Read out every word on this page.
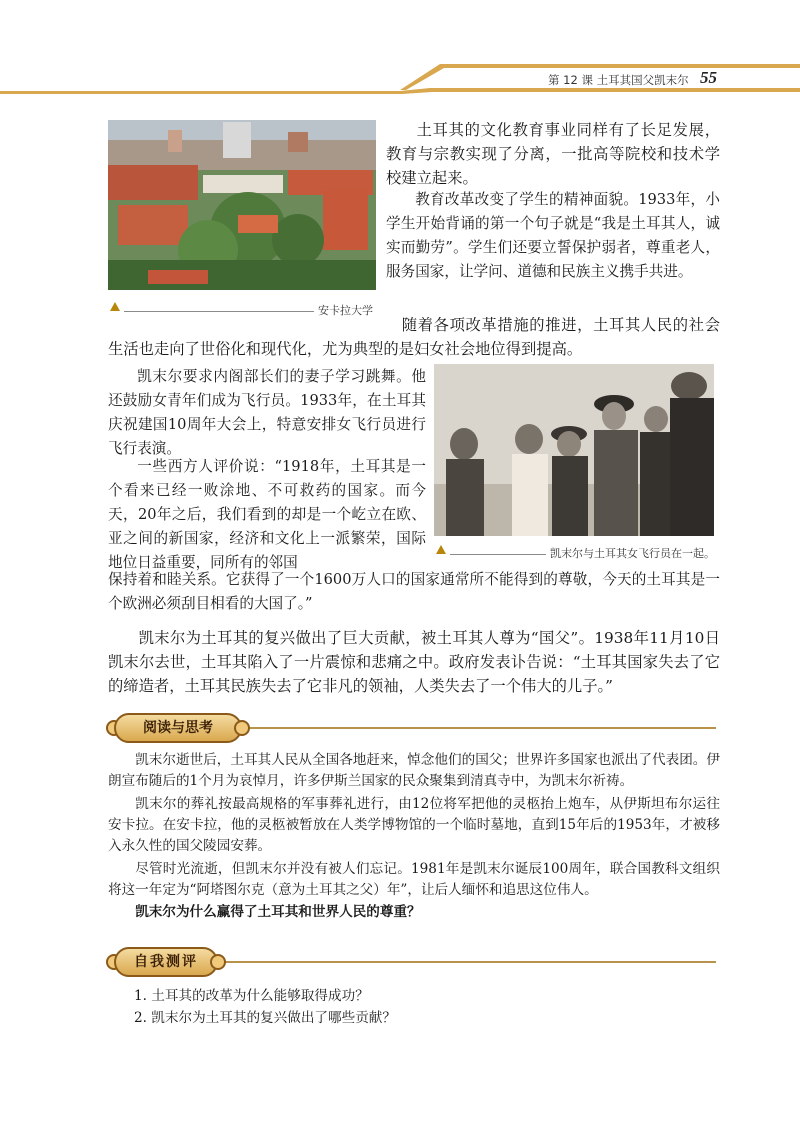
第 12 课 土耳其国父凯末尔 55
安卡拉大学
土耳其的文化教育事业同样有了长足发展，教育与宗教实现了分离，一批高等院校和技术学校建立起来。
教育改革改变了学生的精神面貌。1933年，小学生开始背诵的第一个句子就是“我是土耳其人，诚实而勤劳”。学生们还要立誓保护弱者，尊重老人，服务国家，让学问、道德和民族主义携手共进。
随着各项改革措施的推进，土耳其人民的社会生活也走向了世俗化和现代化，尤为典型的是妇女社会地位得到提高。
凯末尔要求内阁部长们的妻子学习跳舞。他还鼓励女青年们成为飞行员。1933年，在土耳其庆祝建国10周年大会上，特意安排女飞行员进行飞行表演。
一些西方人评价说：“1918年，土耳其是一个看来已经一败涂地、不可救药的国家。而今天，20年之后，我们看到的却是一个屹立在欧、亚之间的新国家，经济和文化上一派繁荣，国际地位日益重要，同所有的邻国
保持着和睦关系。它获得了一个1600万人口的国家通常所不能得到的尊敬，今天的土耳其是一个欧洲必须刮目相看的大国了。”
凯末尔与土耳其女飞行员在一起。
凯末尔为土耳其的复兴做出了巨大贡献，被土耳其人尊为“国父”。1938年11月10日凯末尔去世，土耳其陷入了一片震惊和悲痛之中。政府发表讣告说：“土耳其国家失去了它的缔造者，土耳其民族失去了它非凡的领袖，人类失去了一个伟大的儿子。”
阅读与思考
凯末尔逝世后，土耳其人民从全国各地赶来，悼念他们的国父；世界许多国家也派出了代表团。伊朗宣布随后的1个月为哀悼月，许多伊斯兰国家的民众聚集到清真寺中，为凯末尔祈祷。
凯末尔的葬礼按最高规格的军事葬礼进行，由12位将军把他的灵柩抬上炮车，从伊斯坦布尔运往安卡拉。在安卡拉，他的灵柩被暂放在人类学博物馆的一个临时墓地，直到15年后的1953年，才被移入永久性的国父陵园安葬。
尽管时光流逝，但凯末尔并没有被人们忘记。1981年是凯末尔诞辰100周年，联合国教科文组织将这一年定为“阿塔图尔克（意为土耳其之父）年”，让后人缅怀和追思这位伟人。
凯末尔为什么赢得了土耳其和世界人民的尊重？
自我测评
1. 土耳其的改革为什么能够取得成功？
2. 凯末尔为土耳其的复兴做出了哪些贡献？
